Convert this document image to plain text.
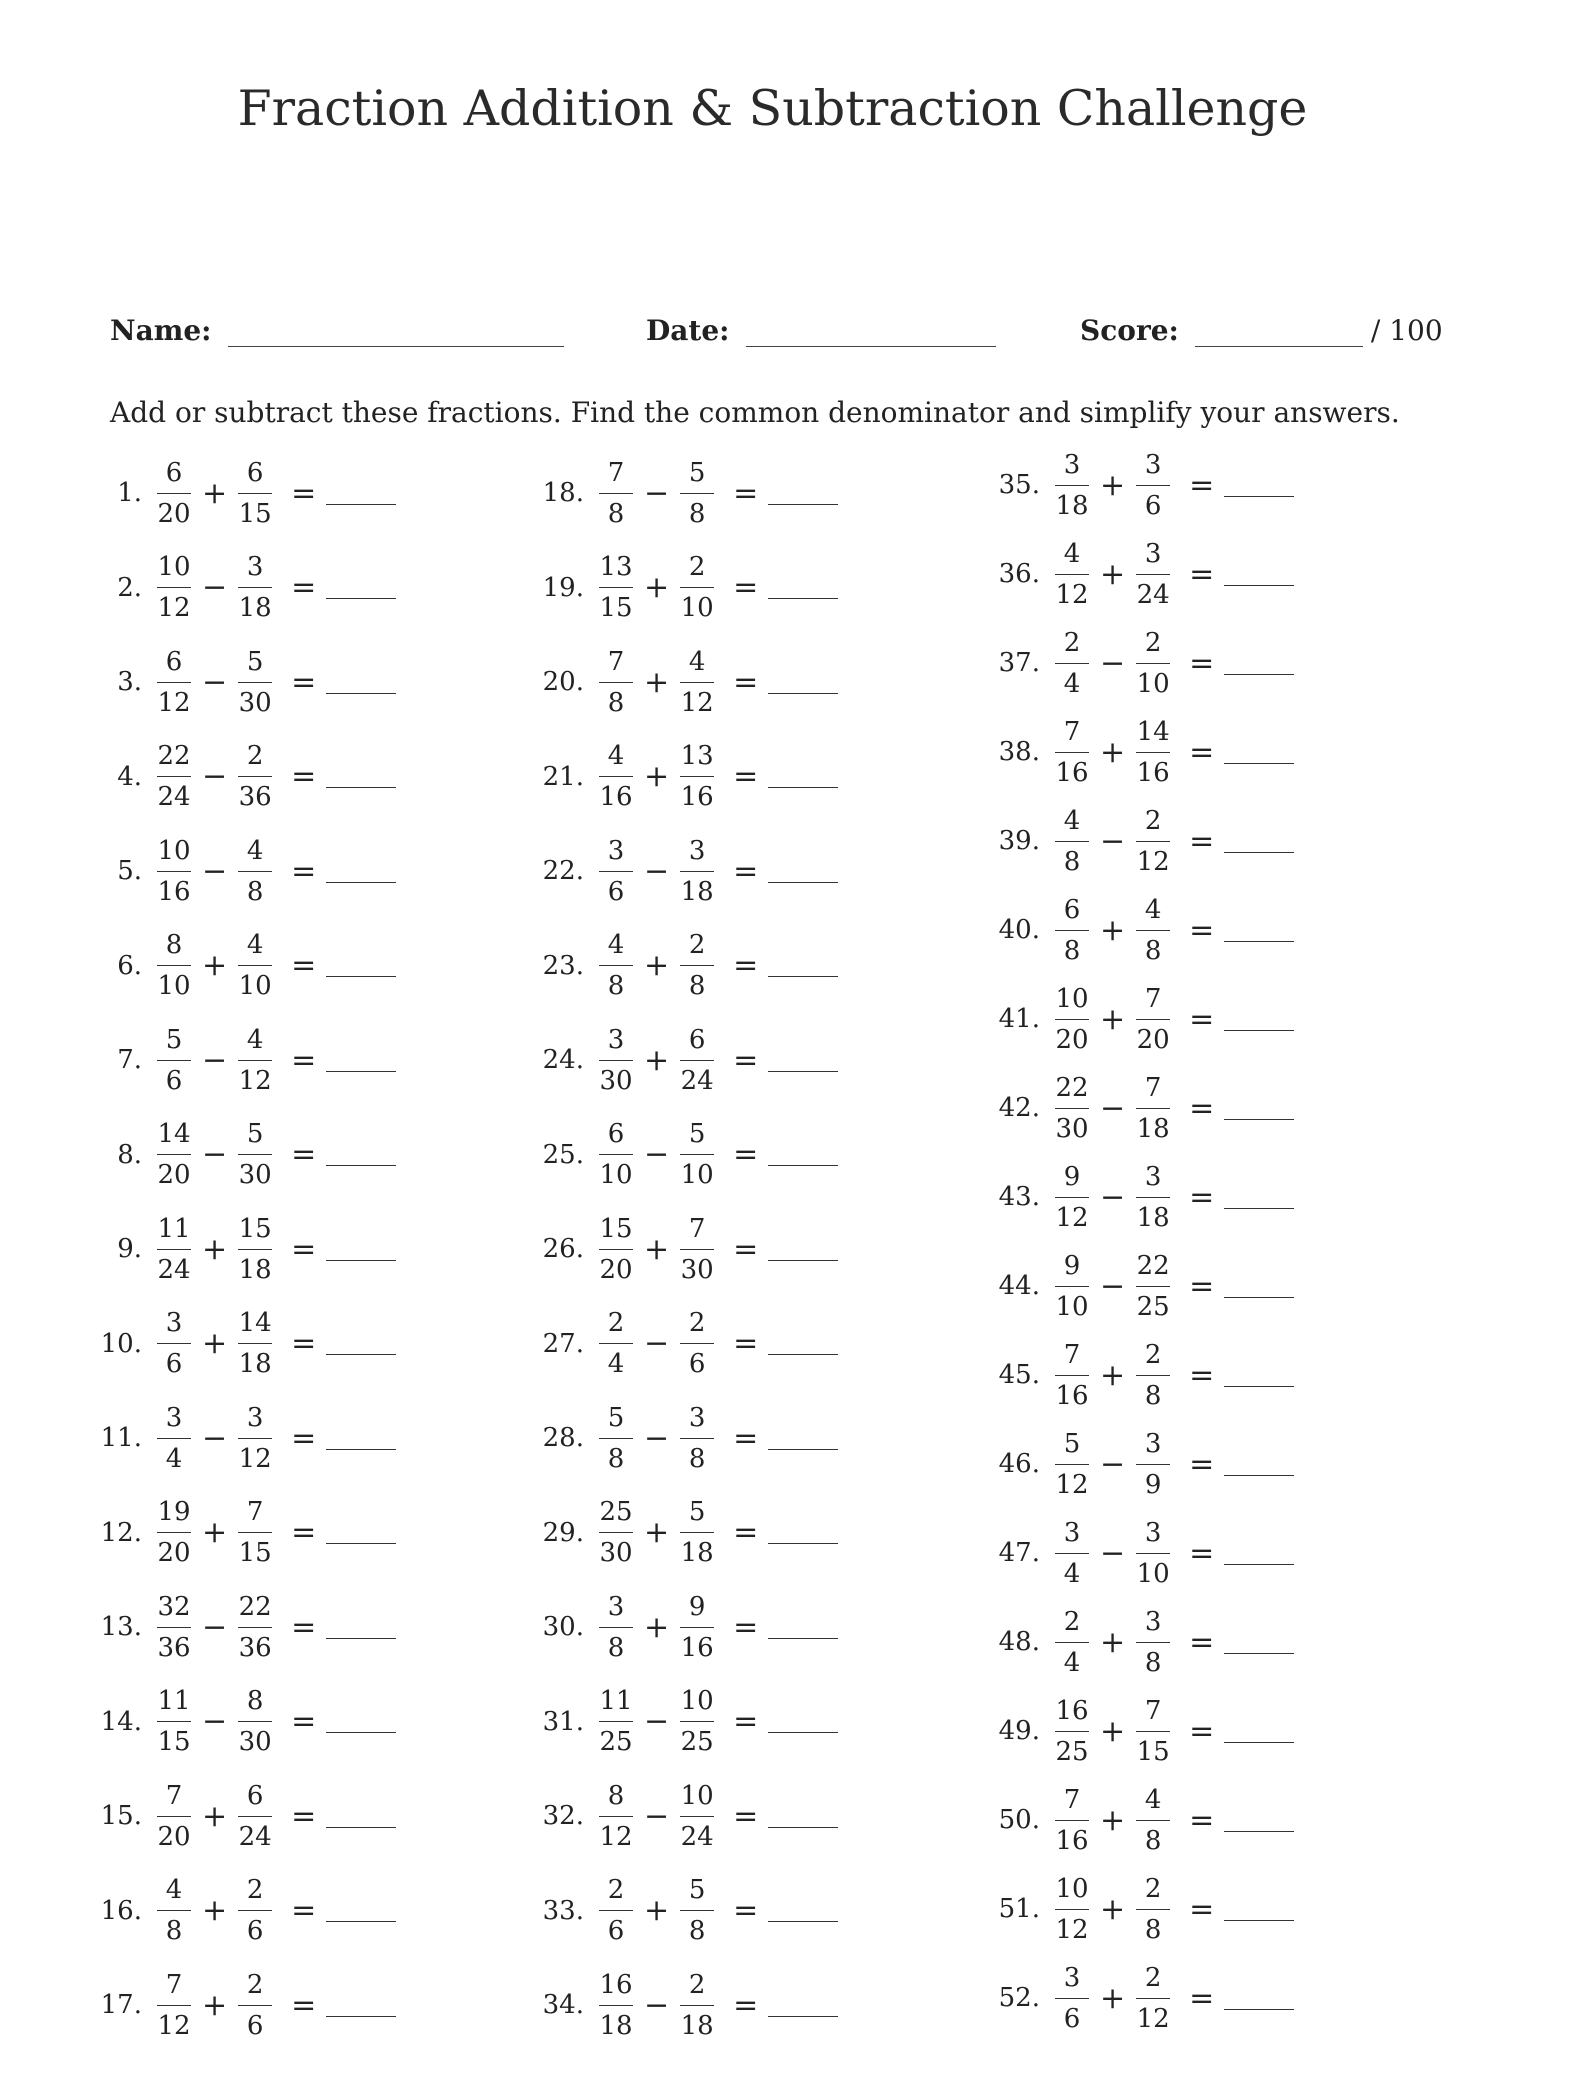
Fraction Addition & Subtraction Challenge
Name:	Date:	Score:	/ 100

Add or subtract these fractions. Find the common denominator and simplify your answers.

1. $\frac{6}{20} + \frac{6}{15}$ =
2. $\frac{10}{12} - \frac{3}{18}$ =
3. $\frac{6}{12} - \frac{5}{30}$ =
4. $\frac{22}{24} - \frac{2}{36}$ =
5. $\frac{10}{16} - \frac{4}{8}$ =
6. $\frac{8}{10} + \frac{4}{10}$ =
7. $\frac{5}{6} - \frac{4}{12}$ =
8. $\frac{14}{20} - \frac{5}{30}$ =
9. $\frac{11}{24} + \frac{15}{18}$ =
10. $\frac{3}{6} + \frac{14}{18}$ =
11. $\frac{3}{4} - \frac{3}{12}$ =
12. $\frac{19}{20} + \frac{7}{15}$ =
13. $\frac{32}{36} - \frac{22}{36}$ =
14. $\frac{11}{15} - \frac{8}{30}$ =
15. $\frac{7}{20} + \frac{6}{24}$ =
16. $\frac{4}{8} + \frac{2}{6}$ =
17. $\frac{7}{12} + \frac{2}{6}$ =
18. $\frac{7}{8} - \frac{5}{8}$ =
19. $\frac{13}{15} + \frac{2}{10}$ =
20. $\frac{7}{8} + \frac{4}{12}$ =
21. $\frac{4}{16} + \frac{13}{16}$ =
22. $\frac{3}{6} - \frac{3}{18}$ =
23. $\frac{4}{8} + \frac{2}{8}$ =
24. $\frac{3}{30} + \frac{6}{24}$ =
25. $\frac{6}{10} - \frac{5}{10}$ =
26. $\frac{15}{20} + \frac{7}{30}$ =
27. $\frac{2}{4} - \frac{2}{6}$ =
28. $\frac{5}{8} - \frac{3}{8}$ =
29. $\frac{25}{30} + \frac{5}{18}$ =
30. $\frac{3}{8} + \frac{9}{16}$ =
31. $\frac{11}{25} - \frac{10}{25}$ =
32. $\frac{8}{12} - \frac{10}{24}$ =
33. $\frac{2}{6} + \frac{5}{8}$ =
34. $\frac{16}{18} - \frac{2}{18}$ =
35. $\frac{3}{18} + \frac{3}{6}$ =
36. $\frac{4}{12} + \frac{3}{24}$ =
37. $\frac{2}{4} - \frac{2}{10}$ =
38. $\frac{7}{16} + \frac{14}{16}$ =
39. $\frac{4}{8} - \frac{2}{12}$ =
40. $\frac{6}{8} + \frac{4}{8}$ =
41. $\frac{10}{20} + \frac{7}{20}$ =
42. $\frac{22}{30} - \frac{7}{18}$ =
43. $\frac{9}{12} - \frac{3}{18}$ =
44. $\frac{9}{10} - \frac{22}{25}$ =
45. $\frac{7}{16} + \frac{2}{8}$ =
46. $\frac{5}{12} - \frac{3}{9}$ =
47. $\frac{3}{4} - \frac{3}{10}$ =
48. $\frac{2}{4} + \frac{3}{8}$ =
49. $\frac{16}{25} + \frac{7}{15}$ =
50. $\frac{7}{16} + \frac{4}{8}$ =
51. $\frac{10}{12} + \frac{2}{8}$ =
52. $\frac{3}{6} + \frac{2}{12}$ =
